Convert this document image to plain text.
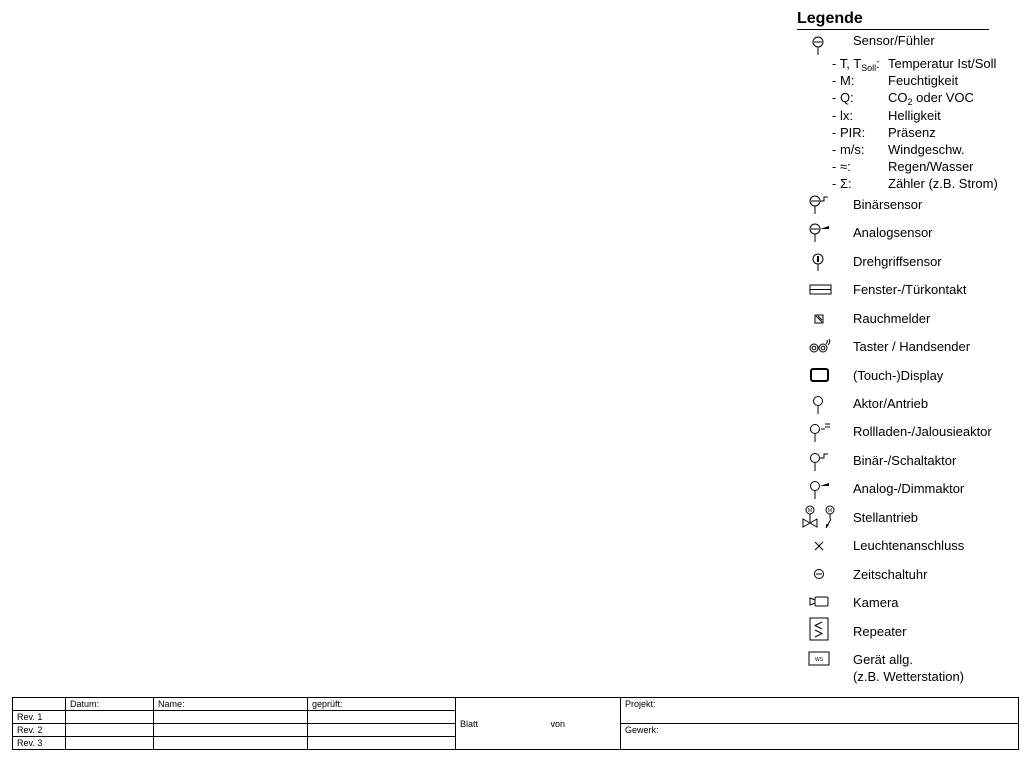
Legende
Sensor/Fühler
- T, $T_{Soll}$: Temperatur Ist/Soll
- M:	Feuchtigkeit
- Q:	$CO_2$ oder VOC
- lx:	Helligkeit
- PIR: Präsenz
- m/s: Windgeschw.
- ≈:	Regen/Wasser
- Σ:	Zähler (z.B. Strom)
M	M
WS
Binärsensor
Analogsensor
Drehgriffsensor
Fenster-/Türkontakt
Rauchmelder
Taster / Handsender
(Touch-)Display
Aktor/Antrieb
Rollladen-/Jalousieaktor
Binär-/Schaltaktor
Analog-/Dimmaktor
Stellantrieb
Leuchtenanschluss
Zeitschaltuhr
Kamera
Repeater
Gerät allg.
(z.B. Wetterstation)
	Datum:	Name:	geprüft:	Blatt von	Projekt:
Rev. 1					
Rev. 2					Gewerk:
Rev. 3					
